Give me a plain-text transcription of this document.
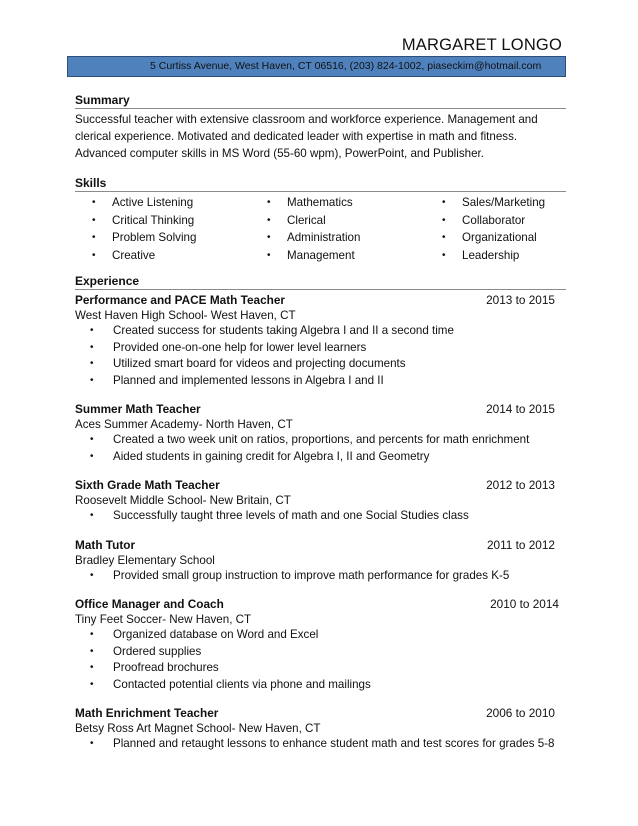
MARGARET LONGO
5 Curtiss Avenue, West Haven, CT 06516, (203) 824-1002, piaseckim@hotmail.com
Summary
Successful teacher with extensive classroom and workforce experience. Management and
clerical experience. Motivated and dedicated leader with expertise in math and fitness.
Advanced computer skills in MS Word (55-60 wpm), PowerPoint, and Publisher.
Skills
•	Active Listening
•	Critical Thinking
•	Problem Solving
•	Creative
•	Mathematics
•	Clerical
•	Administration
•	Management
•	Sales/Marketing
•	Collaborator
•	Organizational
•	Leadership
Experience
Performance and PACE Math Teacher	2013 to 2015
West Haven High School- West Haven, CT
•	Created success for students taking Algebra I and II a second time
•	Provided one-on-one help for lower level learners
•	Utilized smart board for videos and projecting documents
•	Planned and implemented lessons in Algebra I and II
Summer Math Teacher	2014 to 2015
Aces Summer Academy- North Haven, CT
•	Created a two week unit on ratios, proportions, and percents for math enrichment
•	Aided students in gaining credit for Algebra I, II and Geometry
Sixth Grade Math Teacher	2012 to 2013
Roosevelt Middle School- New Britain, CT
•	Successfully taught three levels of math and one Social Studies class
Math Tutor	2011 to 2012
Bradley Elementary School
•	Provided small group instruction to improve math performance for grades K-5
Office Manager and Coach	2010 to 2014
Tiny Feet Soccer- New Haven, CT
•	Organized database on Word and Excel
•	Ordered supplies
•	Proofread brochures
•	Contacted potential clients via phone and mailings
Math Enrichment Teacher	2006 to 2010
Betsy Ross Art Magnet School- New Haven, CT
•	Planned and retaught lessons to enhance student math and test scores for grades 5-8
